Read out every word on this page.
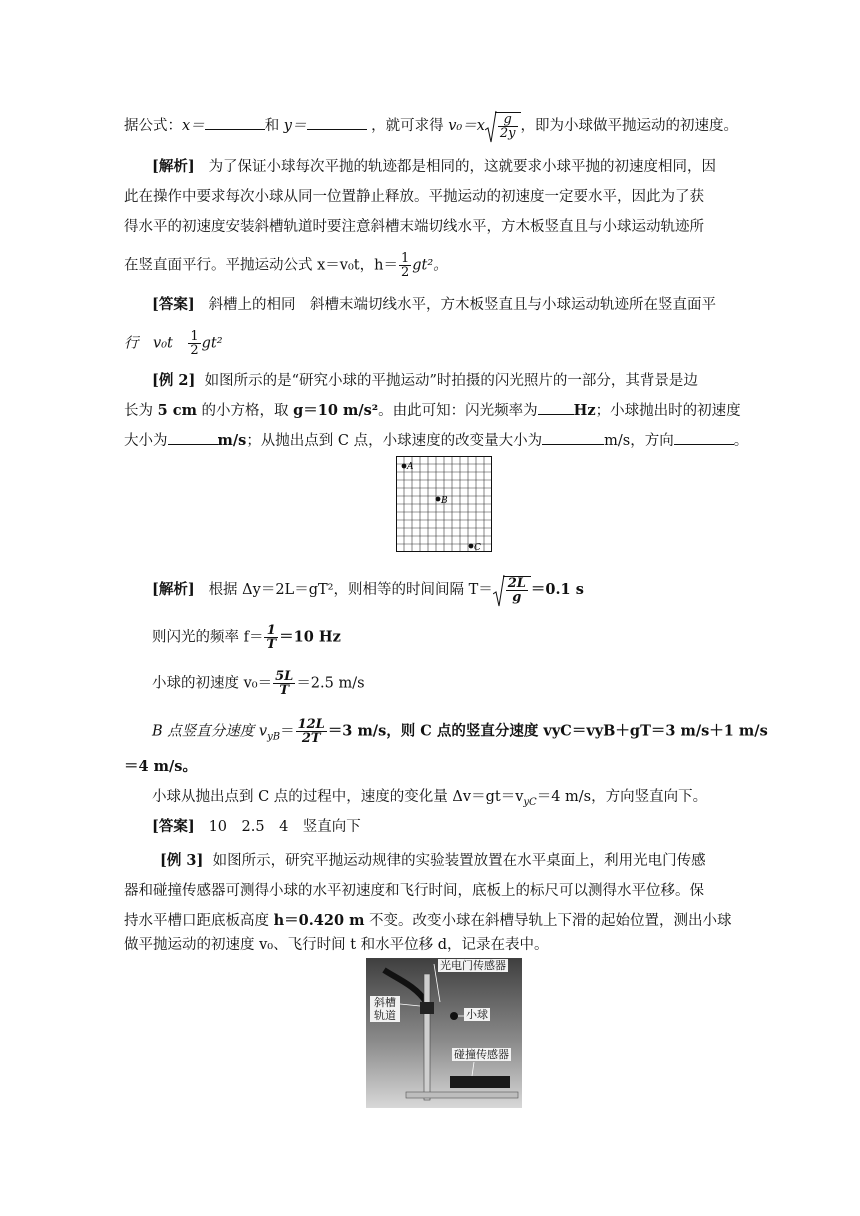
据公式：x＝	和 y＝	，就可求得 $v_0=x \frac{g}{2y}$ ，即为小球做平抛运动的初速度。
[解析] 为了保证小球每次平抛的轨迹都是相同的，这就要求小球平抛的初速度相同，因
此在操作中要求每次小球从同一位置静止释放。平抛运动的初速度一定要水平，因此为了获
得水平的初速度安装斜槽轨道时要注意斜槽末端切线水平，方木板竖直且与小球运动轨迹所
在竖直面平行。平抛运动公式 x＝v₀t，$h= \frac{1}{2} gt^2$。
[答案] 斜槽上的相同　斜槽末端切线水平，方木板竖直且与小球运动轨迹所在竖直面平
行　v₀t　 $\frac{1}{2} gt^2$
[例 2] 如图所示的是“研究小球的平抛运动”时拍摄的闪光照片的一部分，其背景是边
长为 5 cm 的小方格，取 g＝10 m/s²。由此可知：闪光频率为 Hz；小球抛出时的初速度
大小为	m/s；从抛出点到 C 点，小球速度的改变量大小为	m/s，方向	。
A
B
C
[解析] 根据 Δy＝2L＝gT²，则相等的时间间隔 $T= \frac{2L}{g} =0.1$ s
则闪光的频率 $f= \frac{1}{T} =10$ Hz
小球的初速度 $v_0= \frac{5L}{T} =2.5$ m/s
B 点竖直分速度 $v_{yB}= \frac{12L}{2T} =3$ m/s，则 C 点的竖直分速度 vyC＝vyB＋gT＝3 m/s＋1 m/s
＝4 m/s。
小球从抛出点到 C 点的过程中，速度的变化量 $\Delta v=gt=v_{yC}=4$ m/s，方向竖直向下。
[答案] 10　2.5　4　竖直向下
[例 3] 如图所示，研究平抛运动规律的实验装置放置在水平桌面上，利用光电门传感
器和碰撞传感器可测得小球的水平初速度和飞行时间，底板上的标尺可以测得水平位移。保
持水平槽口距底板高度 h＝0.420 m 不变。改变小球在斜槽导轨上下滑的起始位置，测出小球
做平抛运动的初速度 v₀、飞行时间 t 和水平位移 d，记录在表中。
光电门传感器
斜槽
轨道	小球
碰撞传感器
